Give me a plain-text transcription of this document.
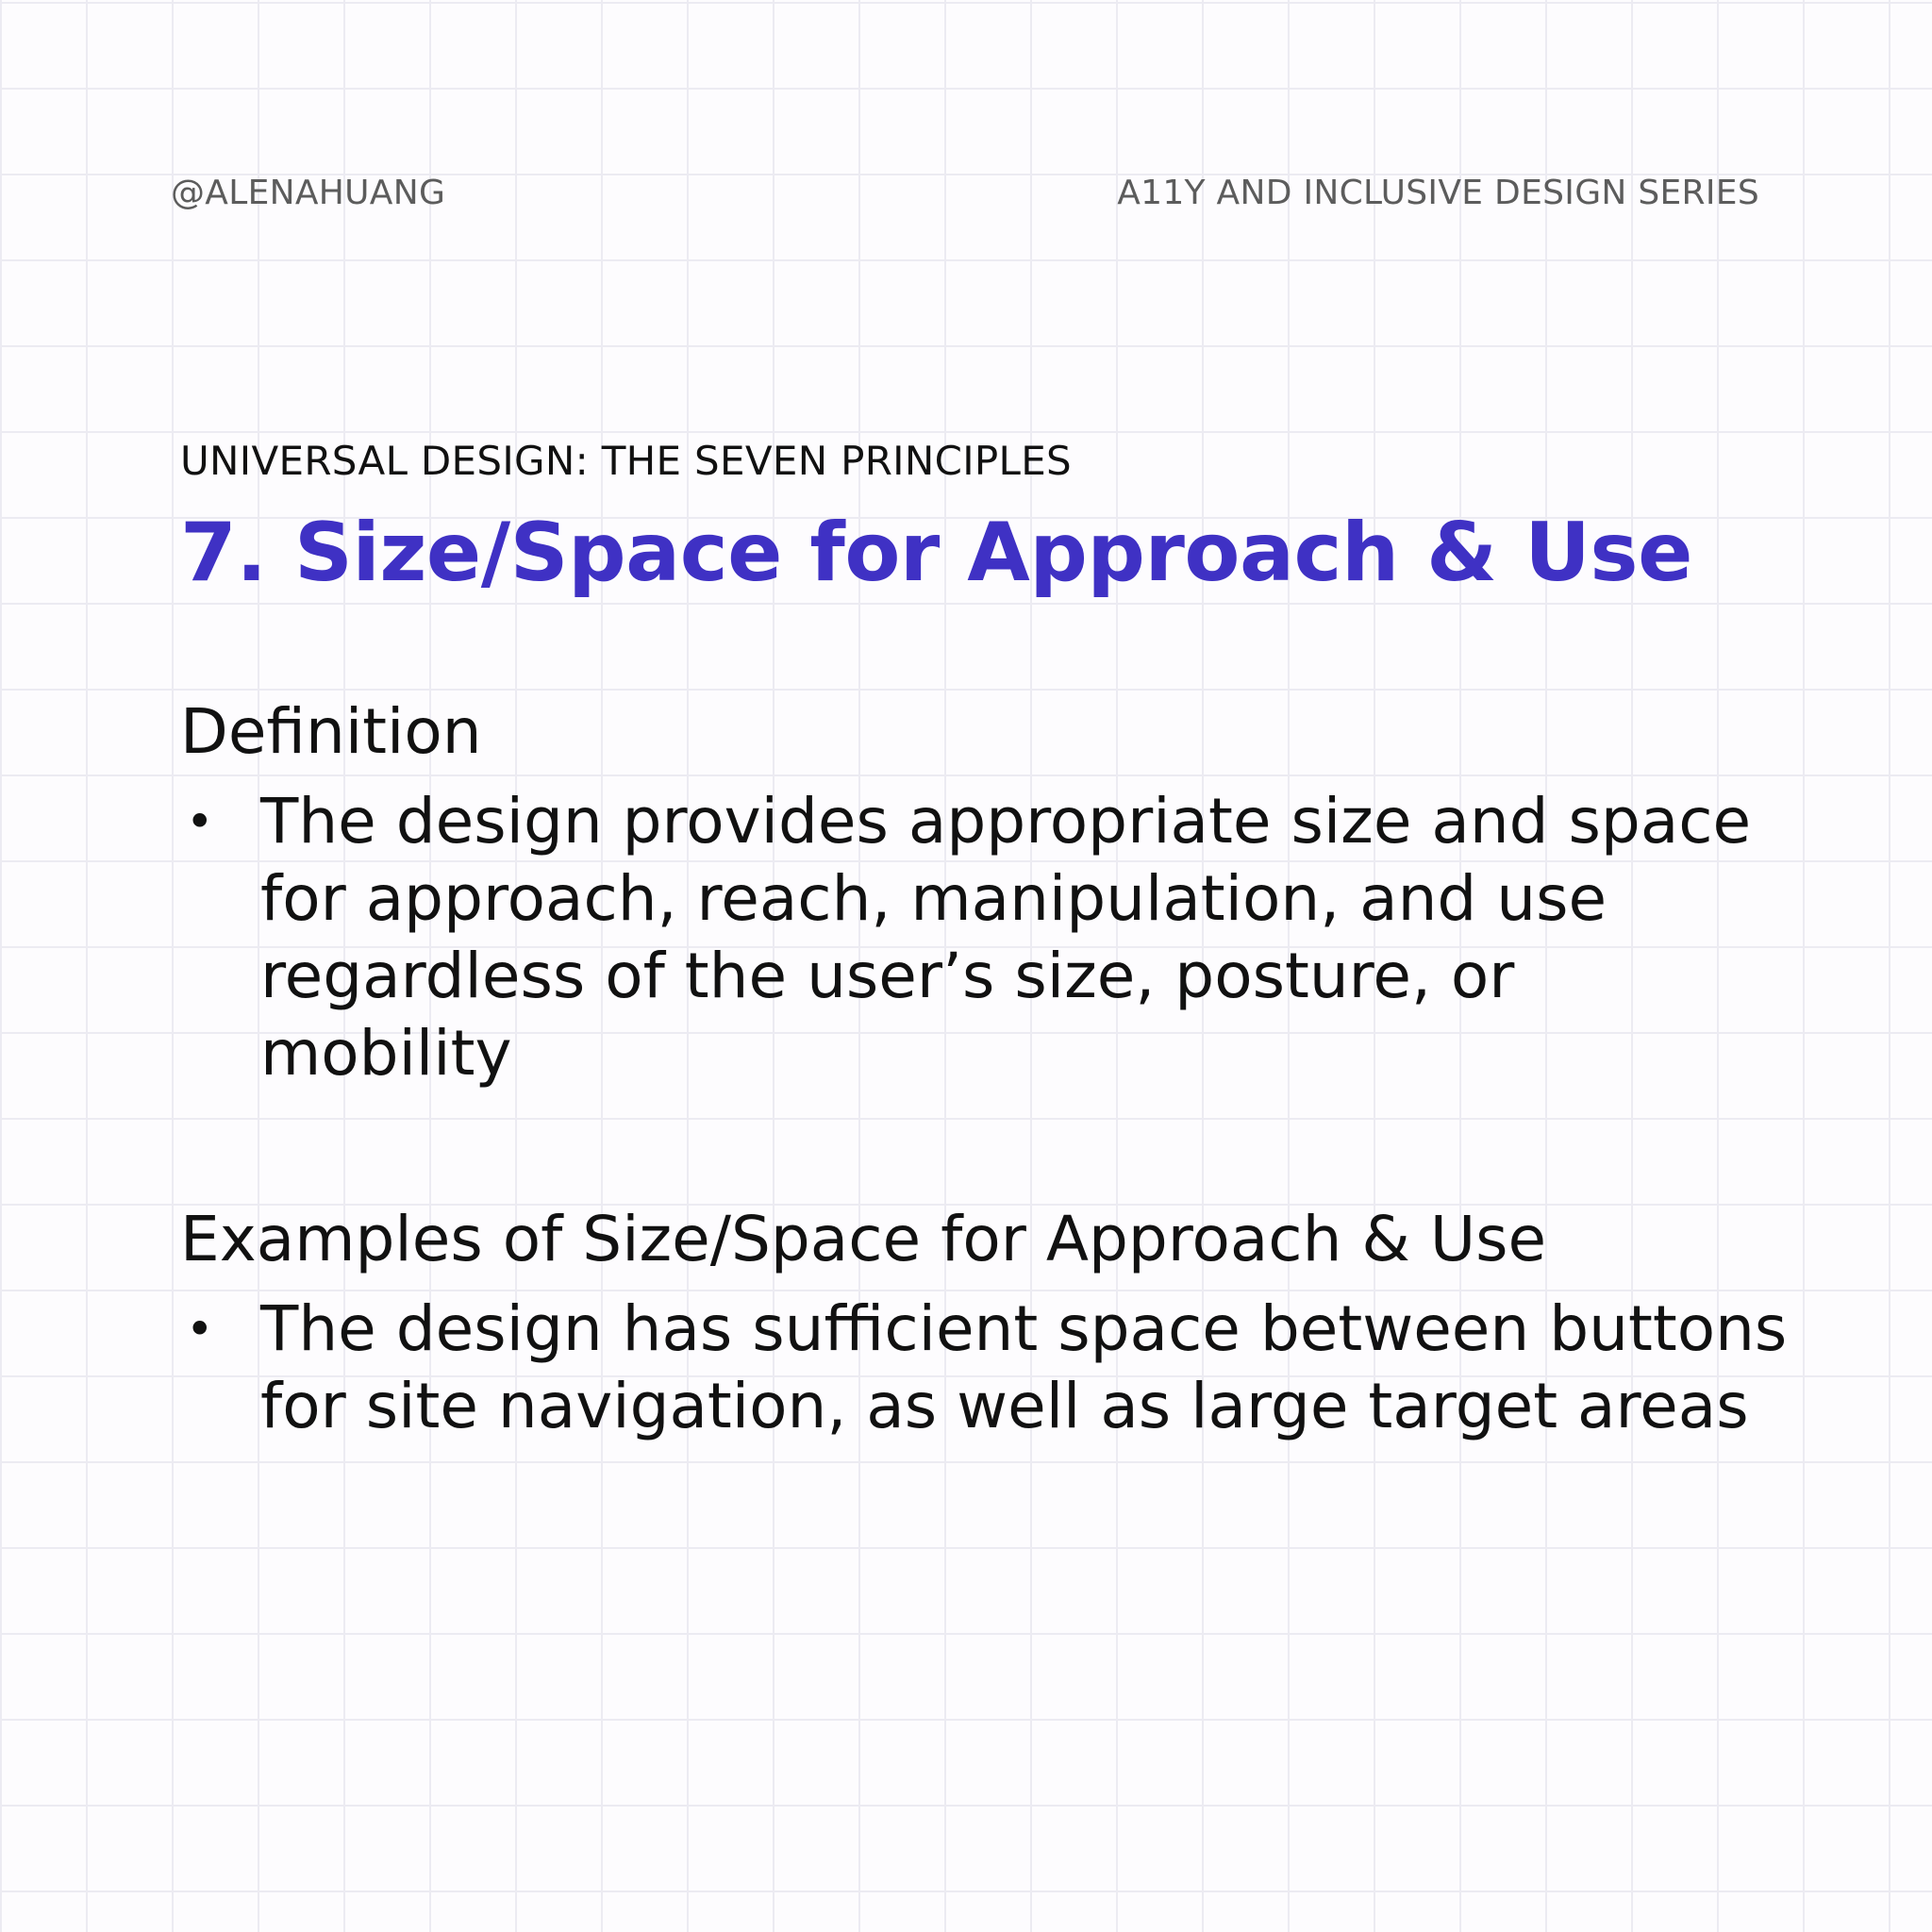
@ALENAHUANG	A11Y AND INCLUSIVE DESIGN SERIES
UNIVERSAL DESIGN: THE SEVEN PRINCIPLES
7. Size/Space for Approach & Use
Definition
• The design provides appropriate size and space for approach, reach, manipulation, and use regardless of the user’s size, posture, or mobility
Examples of Size/Space for Approach & Use
• The design has sufficient space between buttons for site navigation, as well as large target areas
